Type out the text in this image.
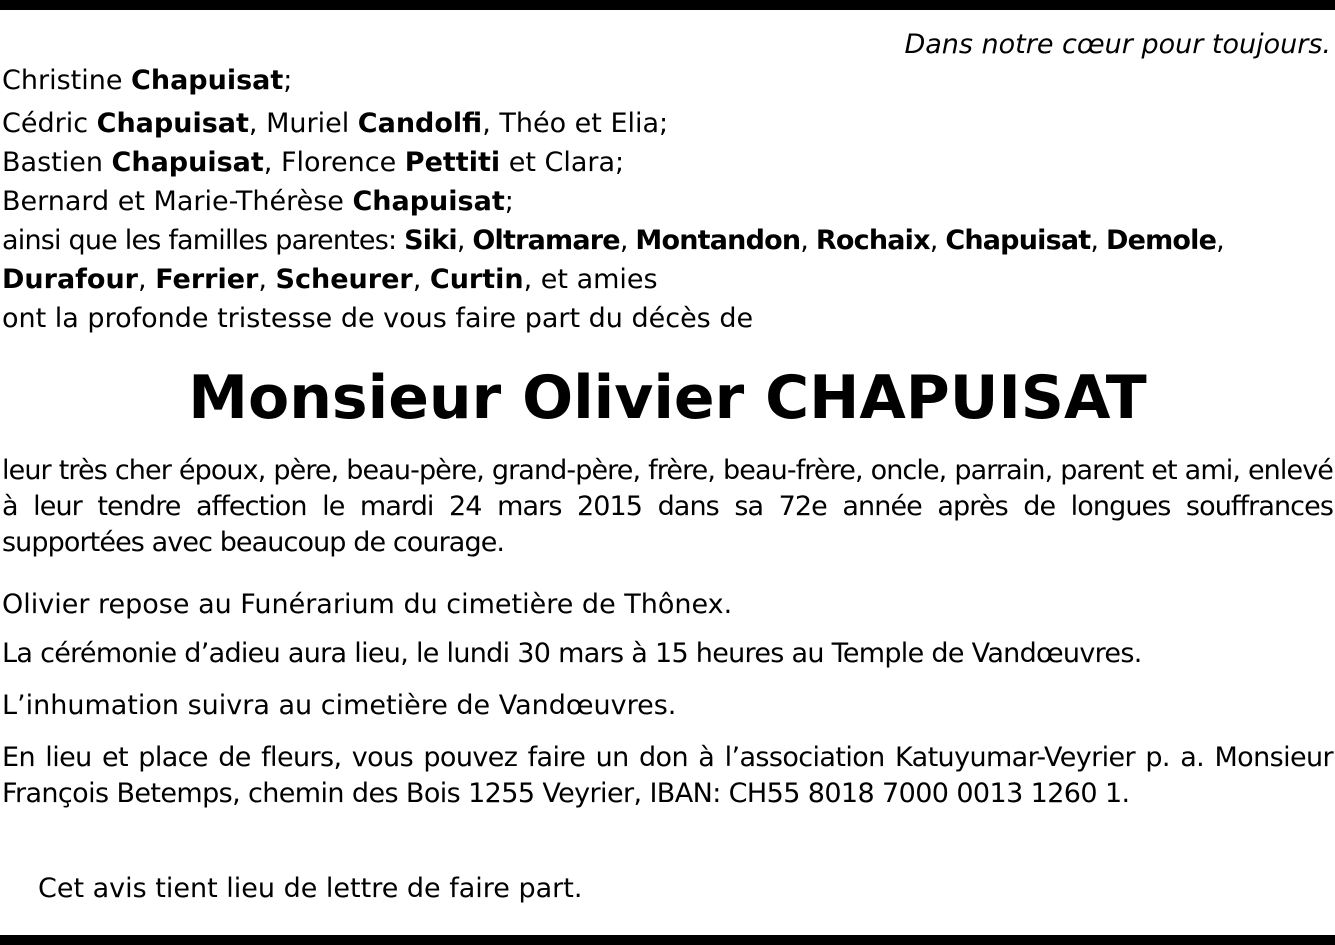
Dans notre cœur pour toujours.
Christine Chapuisat;
Cédric Chapuisat, Muriel Candolfi, Théo et Elia;
Bastien Chapuisat, Florence Pettiti et Clara;
Bernard et Marie-Thérèse Chapuisat;
ainsi que les familles parentes: Siki, Oltramare, Montandon, Rochaix, Chapuisat, Demole,
Durafour, Ferrier, Scheurer, Curtin, et amies
ont la profonde tristesse de vous faire part du décès de
Monsieur Olivier CHAPUISAT
leur très cher époux, père, beau-père, grand-père, frère, beau-frère, oncle, parrain, parent et ami, enlevé à leur tendre affection le mardi 24 mars 2015 dans sa 72e année après de longues souffrances supportées avec beaucoup de courage.
Olivier repose au Funérarium du cimetière de Thônex.
La cérémonie d’adieu aura lieu, le lundi 30 mars à 15 heures au Temple de Vandœuvres.
L’inhumation suivra au cimetière de Vandœuvres.
En lieu et place de fleurs, vous pouvez faire un don à l’association Katuyumar-Veyrier p. a. Monsieur François Betemps, chemin des Bois 1255 Veyrier, IBAN: CH55 8018 7000 0013 1260 1.
Cet avis tient lieu de lettre de faire part.
